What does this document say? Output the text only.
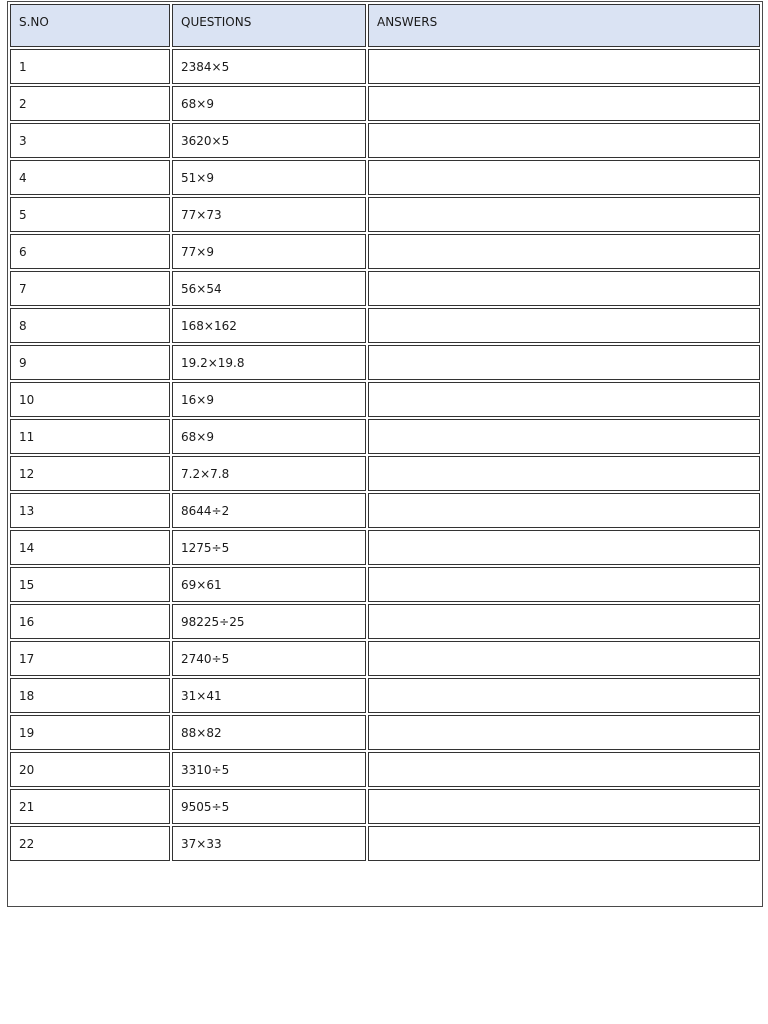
S.NO	QUESTIONS	ANSWERS
1	2384×5	
2	68×9	
3	3620×5	
4	51×9	
5	77×73	
6	77×9	
7	56×54	
8	168×162	
9	19.2×19.8	
10	16×9	
11	68×9	
12	7.2×7.8	
13	8644÷2	
14	1275÷5	
15	69×61	
16	98225÷25	
17	2740÷5	
18	31×41	
19	88×82	
20	3310÷5	
21	9505÷5	
22	37×33	
